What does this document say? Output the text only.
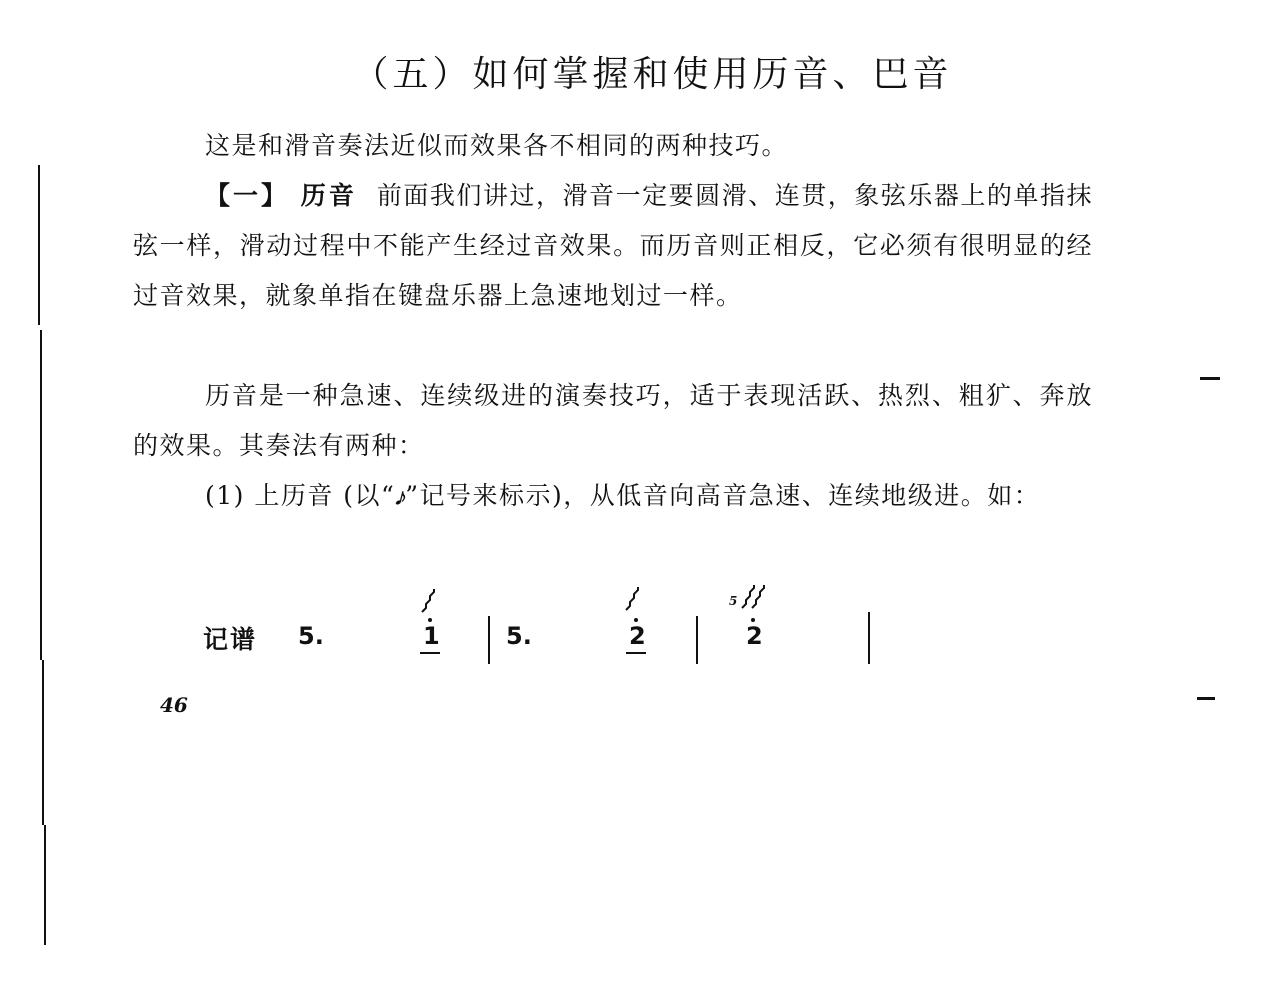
（五）如何掌握和使用历音、巴音

这是和滑音奏法近似而效果各不相同的两种技巧。

【一】 历音 前面我们讲过，滑音一定要圆滑、连贯，象弦乐器上的单指抹弦一样，滑动过程中不能产生经过音效果。而历音则正相反，它必须有很明显的经过音效果，就象单指在键盘乐器上急速地划过一样。

历音是一种急速、连续级进的演奏技巧，适于表现活跃、热烈、粗犷、奔放的效果。其奏法有两种：

(1) 上历音 (以“𝆕”记号来标示)，从低音向高音急速、连续地级进。如：

记谱 5.	1	5.	2
5
2
46
